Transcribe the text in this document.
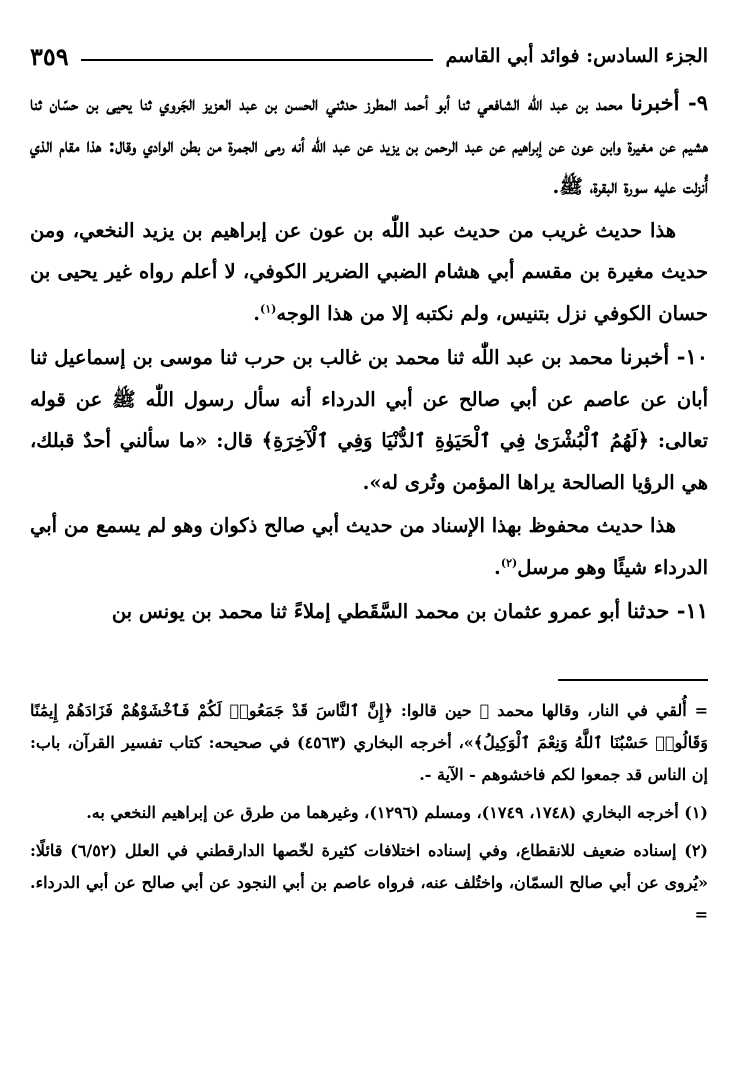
الجزء السادس: فوائد أبي القاسم
٣٥٩

٩- أخبرنا محمد بن عبد اللّٰه الشافعي ثنا أبو أحمد المطرز حدثني الحسن بن عبد العزيز الجَروي ثنا يحيى بن حسّان ثنا هشيم عن مغيرة وابن عون عن إبراهيم عن عبد الرحمن بن يزيد عن عبد اللّٰه أنه رمى الجمرة من بطن الوادي وقال: هذا مقام الذي أُنزلت عليه سورة البقرة، ﷺ.

هذا حديث غريب من حديث عبد اللّٰه بن عون عن إبراهيم بن يزيد النخعي، ومن حديث مغيرة بن مقسم أبي هشام الضبي الضرير الكوفي، لا أعلم رواه غير يحيى بن حسان الكوفي نزل بتنيس، ولم نكتبه إلا من هذا الوجه$^{(١)}$.

١٠- أخبرنا محمد بن عبد اللّٰه ثنا محمد بن غالب بن حرب ثنا موسى بن إسماعيل ثنا أبان عن عاصم عن أبي صالح عن أبي الدرداء أنه سأل رسول اللّٰه ﷺ عن قوله تعالى: ﴿لَهُمُ ٱلْبُشْرَىٰ فِي ٱلْحَيَوٰةِ ٱلدُّنْيَا وَفِي ٱلْآخِرَةِ﴾ قال: «ما سألني أحدٌ قبلك، هي الرؤيا الصالحة يراها المؤمن وتُرى له».

هذا حديث محفوظ بهذا الإسناد من حديث أبي صالح ذكوان وهو لم يسمع من أبي الدرداء شيئًا وهو مرسل$^{(٢)}$.

١١- حدثنا أبو عمرو عثمان بن محمد السَّقَطي إملاءً ثنا محمد بن يونس بن

= أُلقي في النار، وقالها محمد ﷺ حين قالوا: ﴿إِنَّ ٱلنَّاسَ قَدْ جَمَعُوا۟ لَكُمْ فَٱخْشَوْهُمْ فَزَادَهُمْ إِيمَٰنًا وَقَالُوا۟ حَسْبُنَا ٱللَّهُ وَنِعْمَ ٱلْوَكِيلُ﴾»، أخرجه البخاري (٤٥٦٣) في صحيحه: كتاب تفسير القرآن، باب: إن الناس قد جمعوا لكم فاخشوهم - الآية -.

(١) أخرجه البخاري (١٧٤٨، ١٧٤٩)، ومسلم (١٢٩٦)، وغيرهما من طرق عن إبراهيم النخعي به.

(٢) إسناده ضعيف للانقطاع، وفي إسناده اختلافات كثيرة لخّصها الدارقطني في العلل (٦/٥٢) قائلًا: «يُروى عن أبي صالح السمّان، واختُلف عنه، فرواه عاصم بن أبي النجود عن أبي صالح عن أبي الدرداء. =
